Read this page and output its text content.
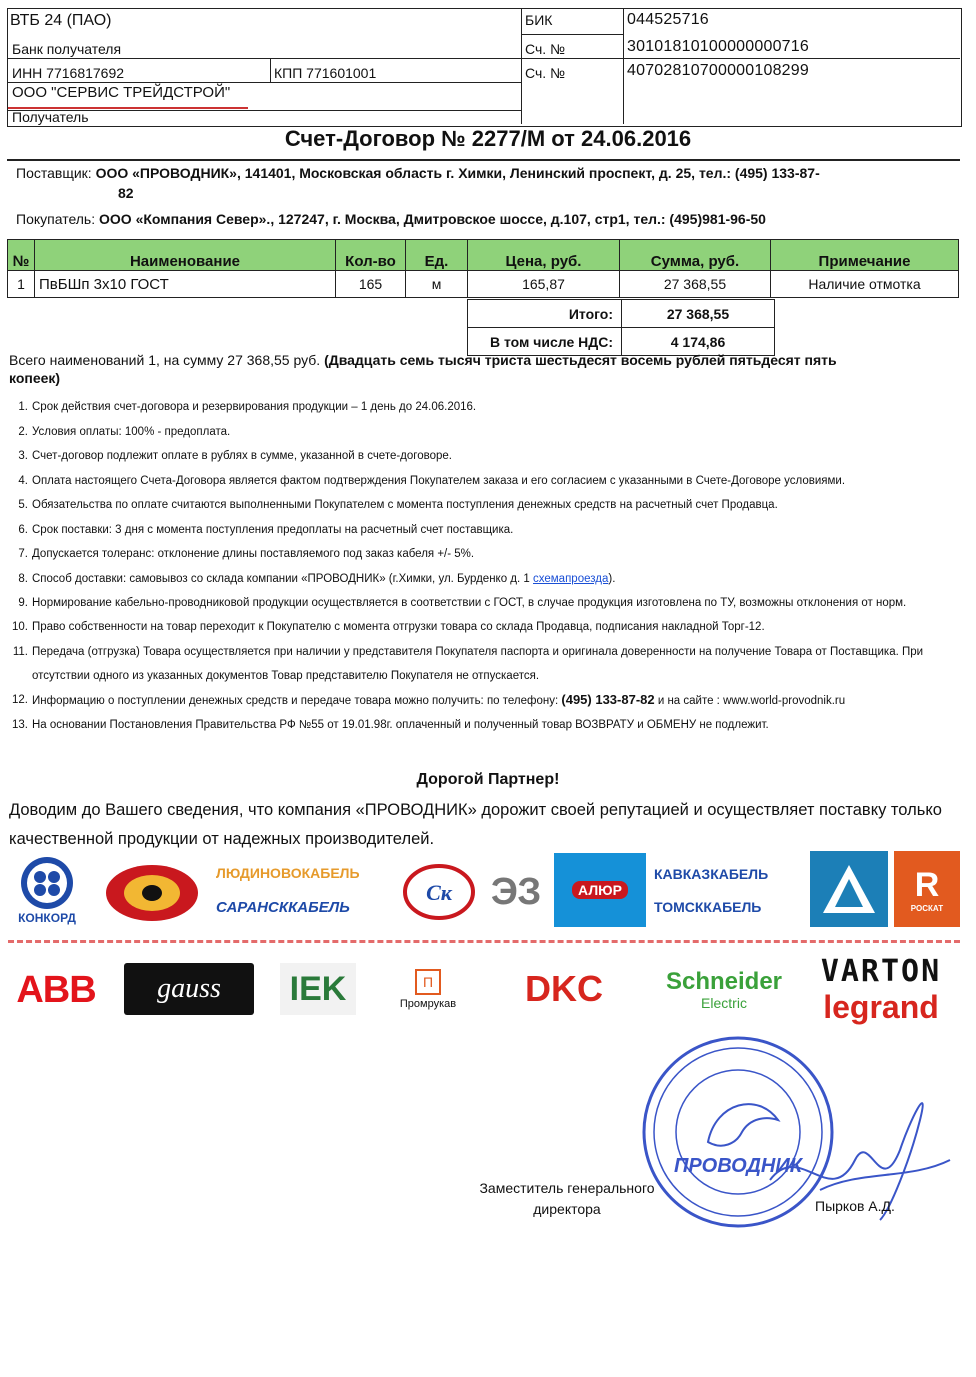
ВТБ 24 (ПАО)
Банк получателя
БИК	044525716
Сч. №	30101810100000000716
Сч. №	40702810700000108299
ИНН 7716817692	КПП 771601001
ООО "СЕРВИС ТРЕЙДСТРОЙ"
Получатель
Счет-Договор № 2277/М от 24.06.2016
Поставщик: ООО «ПРОВОДНИК», 141401, Московская область г. Химки, Ленинский проспект, д. 25, тел.: (495) 133-87-
82
Покупатель: ООО «Компания Север»., 127247, г. Москва, Дмитровское шоссе, д.107, стр1, тел.: (495)981-96-50
№	Наименование	Кол-во	Ед.	Цена, руб.	Сумма, руб.	Примечание
1	ПвБШп 3х10 ГОСТ	165	м	165,87	27 368,55	Наличие отмотка
Итого:	27 368,55
В том числе НДС:	4 174,86
Всего наименований 1, на сумму 27 368,55 руб. (Двадцать семь тысяч триста шестьдесят восемь рублей пятьдесят пять копеек)
1. Срок действия счет-договора и резервирования продукции – 1 день до 24.06.2016.
2. Условия оплаты: 100% - предоплата.
3. Счет-договор подлежит оплате в рублях в сумме, указанной в счете-договоре.
4. Оплата настоящего Счета-Договора является фактом подтверждения Покупателем заказа и его согласием с указанными в Счете-Договоре условиями.
5. Обязательства по оплате считаются выполненными Покупателем с момента поступления денежных средств на расчетный счет Продавца.
6. Срок поставки: 3 дня с момента поступления предоплаты на расчетный счет поставщика.
7. Допускается толеранс: отклонение длины поставляемого под заказ кабеля +/- 5%.
8. Способ доставки: самовывоз со склада компании «ПРОВОДНИК» (г.Химки, ул. Бурденко д. 1 схемапроезда).
9. Нормирование кабельно-проводниковой продукции осуществляется в соответствии с ГОСТ, в случае продукция изготовлена по ТУ, возможны отклонения от норм.
10. Право собственности на товар переходит к Покупателю с момента отгрузки товара со склада Продавца, подписания накладной Торг-12.
11. Передача (отгрузка) Товара осуществляется при наличии у представителя Покупателя паспорта и оригинала доверенности на получение Товара от Поставщика. При отсутствии одного из указанных документов Товар представителю Покупателя не отпускается.
12. Информацию о поступлении денежных средств и передаче товара можно получить: по телефону: (495) 133-87-82 и на сайте : www.world-provodnik.ru
13. На основании Постановления Правительства РФ №55 от 19.01.98г. оплаченный и полученный товар ВОЗВРАТУ и ОБМЕНУ не подлежит.
Дорогой Партнер!
Доводим до Вашего сведения, что компания «ПРОВОДНИК» дорожит своей репутацией и осуществляет поставку только качественной продукции от надежных производителей.
КОНКОРД
ЛЮДИНОВОКАБЕЛЬ
САРАНСККАБЕЛЬ
Ск ЭЗ	АЛЮР
КАВКАЗКАБЕЛЬ
ТОМСККАБЕЛЬ
R
РОСКАТ
ABB gauss IEK	П
Промрукав DKC	Schneider
Electric
VARTON
legrand
Заместитель генерального директора
ПРОВОДНИК
Пырков А.Д.
